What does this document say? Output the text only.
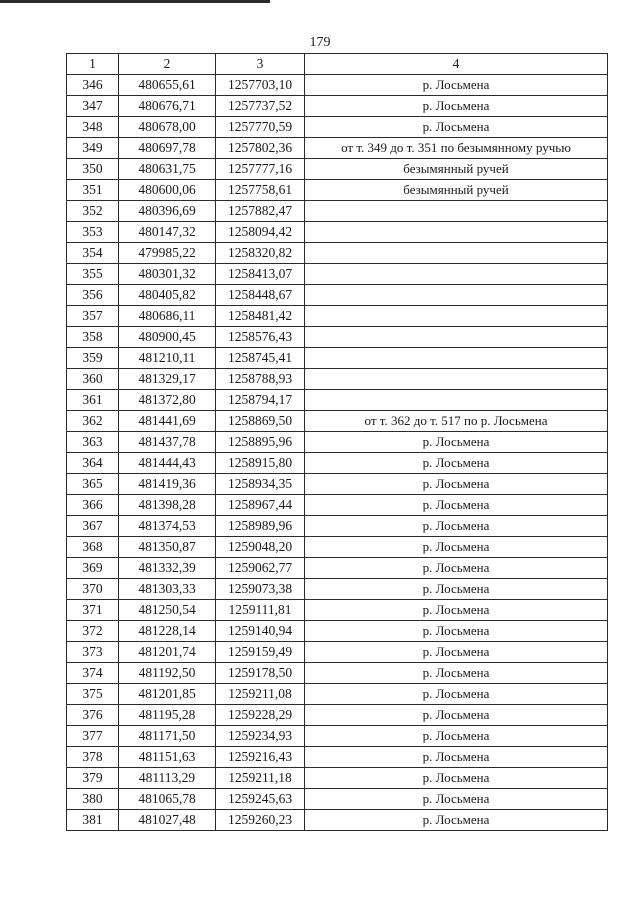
179
1	2	3	4
346	480655,61	1257703,10	р. Лосьмена
347	480676,71	1257737,52	р. Лосьмена
348	480678,00	1257770,59	р. Лосьмена
349	480697,78	1257802,36	от т. 349 до т. 351 по безымянному ручью
350	480631,75	1257777,16	безымянный ручей
351	480600,06	1257758,61	безымянный ручей
352	480396,69	1257882,47	
353	480147,32	1258094,42	
354	479985,22	1258320,82	
355	480301,32	1258413,07	
356	480405,82	1258448,67	
357	480686,11	1258481,42	
358	480900,45	1258576,43	
359	481210,11	1258745,41	
360	481329,17	1258788,93	
361	481372,80	1258794,17	
362	481441,69	1258869,50	от т. 362 до т. 517 по р. Лосьмена
363	481437,78	1258895,96	р. Лосьмена
364	481444,43	1258915,80	р. Лосьмена
365	481419,36	1258934,35	р. Лосьмена
366	481398,28	1258967,44	р. Лосьмена
367	481374,53	1258989,96	р. Лосьмена
368	481350,87	1259048,20	р. Лосьмена
369	481332,39	1259062,77	р. Лосьмена
370	481303,33	1259073,38	р. Лосьмена
371	481250,54	1259111,81	р. Лосьмена
372	481228,14	1259140,94	р. Лосьмена
373	481201,74	1259159,49	р. Лосьмена
374	481192,50	1259178,50	р. Лосьмена
375	481201,85	1259211,08	р. Лосьмена
376	481195,28	1259228,29	р. Лосьмена
377	481171,50	1259234,93	р. Лосьмена
378	481151,63	1259216,43	р. Лосьмена
379	481113,29	1259211,18	р. Лосьмена
380	481065,78	1259245,63	р. Лосьмена
381	481027,48	1259260,23	р. Лосьмена
